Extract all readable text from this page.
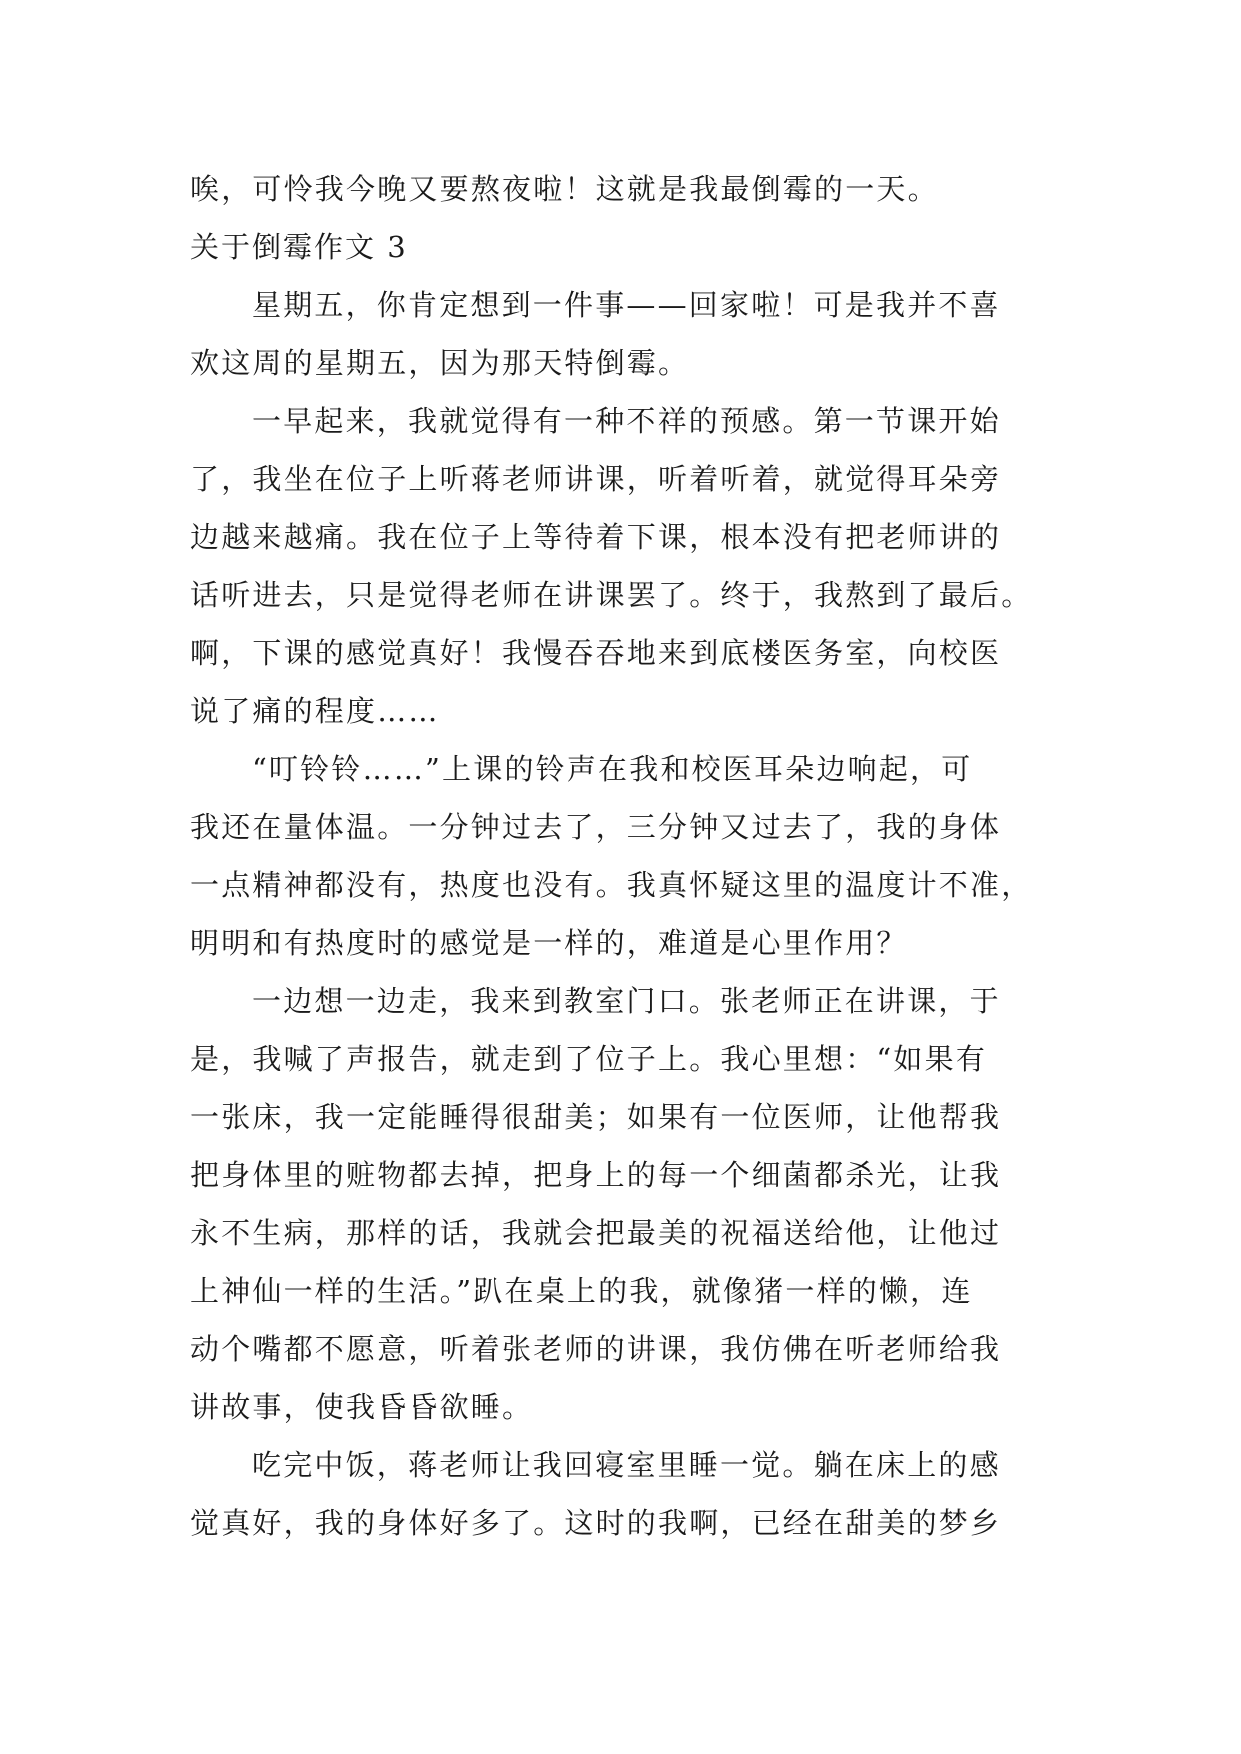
唉，可怜我今晚又要熬夜啦！这就是我最倒霉的一天。
关于倒霉作文 3
星期五，你肯定想到一件事——回家啦！可是我并不喜
欢这周的星期五，因为那天特倒霉。
一早起来，我就觉得有一种不祥的预感。第一节课开始
了，我坐在位子上听蒋老师讲课，听着听着，就觉得耳朵旁
边越来越痛。我在位子上等待着下课，根本没有把老师讲的
话听进去，只是觉得老师在讲课罢了。终于，我熬到了最后。
啊，下课的感觉真好！我慢吞吞地来到底楼医务室，向校医
说了痛的程度……
“叮铃铃……”上课的铃声在我和校医耳朵边响起，可
我还在量体温。一分钟过去了，三分钟又过去了，我的身体
一点精神都没有，热度也没有。我真怀疑这里的温度计不准，
明明和有热度时的感觉是一样的，难道是心里作用？
一边想一边走，我来到教室门口。张老师正在讲课，于
是，我喊了声报告，就走到了位子上。我心里想：“如果有
一张床，我一定能睡得很甜美；如果有一位医师，让他帮我
把身体里的赃物都去掉，把身上的每一个细菌都杀光，让我
永不生病，那样的话，我就会把最美的祝福送给他，让他过
上神仙一样的生活。”趴在桌上的我，就像猪一样的懒，连
动个嘴都不愿意，听着张老师的讲课，我仿佛在听老师给我
讲故事，使我昏昏欲睡。
吃完中饭，蒋老师让我回寝室里睡一觉。躺在床上的感
觉真好，我的身体好多了。这时的我啊，已经在甜美的梦乡
